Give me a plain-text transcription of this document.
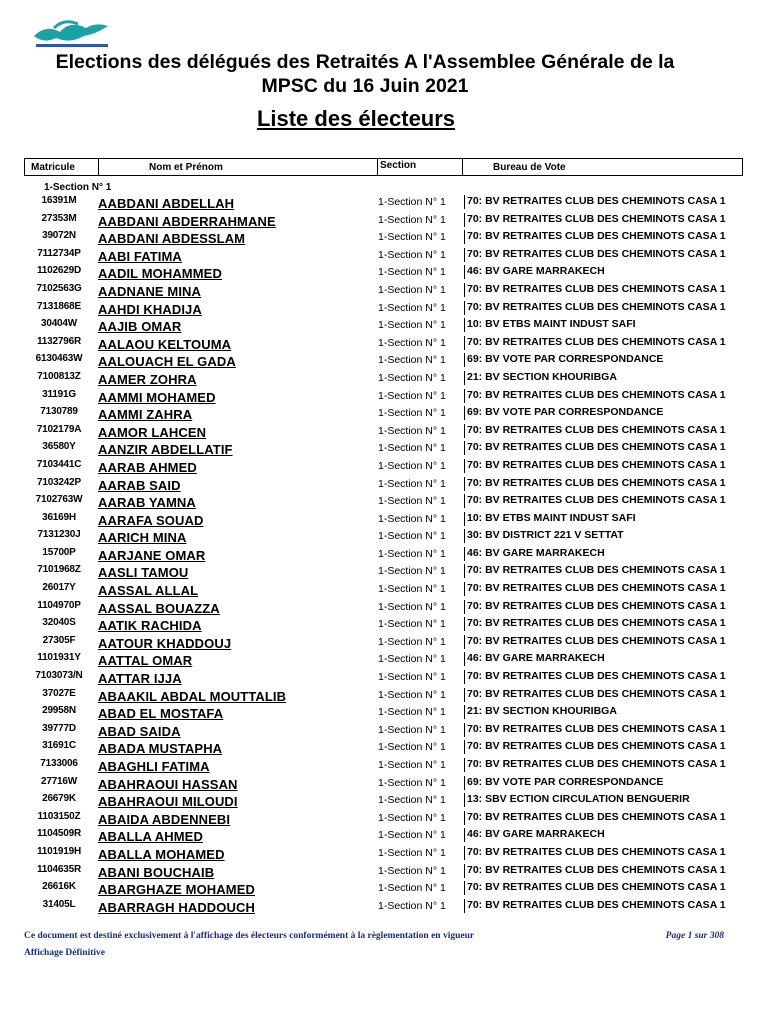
Elections des délégués des Retraités A l'Assemblee Générale de la
MPSC du 16 Juin 2021
Liste des électeurs
Matricule	Nom et Prénom	Section	Bureau de Vote
1-Section N° 1
16391M	AABDANI ABDELLAH	1-Section N° 1 70: BV RETRAITES CLUB DES CHEMINOTS CASA 1
27353M	AABDANI ABDERRAHMANE	1-Section N° 1 70: BV RETRAITES CLUB DES CHEMINOTS CASA 1
39072N	AABDANI ABDESSLAM	1-Section N° 1 70: BV RETRAITES CLUB DES CHEMINOTS CASA 1
7112734P	AABI FATIMA	1-Section N° 1 70: BV RETRAITES CLUB DES CHEMINOTS CASA 1
1102629D	AADIL MOHAMMED	1-Section N° 1 46: BV GARE MARRAKECH
7102563G	AADNANE MINA	1-Section N° 1 70: BV RETRAITES CLUB DES CHEMINOTS CASA 1
7131868E	AAHDI KHADIJA	1-Section N° 1 70: BV RETRAITES CLUB DES CHEMINOTS CASA 1
30404W	AAJIB OMAR	1-Section N° 1 10: BV ETBS MAINT INDUST SAFI
1132796R	AALAOU KELTOUMA	1-Section N° 1 70: BV RETRAITES CLUB DES CHEMINOTS CASA 1
6130463W	AALOUACH EL GADA	1-Section N° 1 69: BV VOTE PAR CORRESPONDANCE
7100813Z	AAMER ZOHRA	1-Section N° 1 21: BV SECTION KHOURIBGA
31191G	AAMMI MOHAMED	1-Section N° 1 70: BV RETRAITES CLUB DES CHEMINOTS CASA 1
7130789	AAMMI ZAHRA	1-Section N° 1 69: BV VOTE PAR CORRESPONDANCE
7102179A	AAMOR LAHCEN	1-Section N° 1 70: BV RETRAITES CLUB DES CHEMINOTS CASA 1
36580Y	AANZIR ABDELLATIF	1-Section N° 1 70: BV RETRAITES CLUB DES CHEMINOTS CASA 1
7103441C	AARAB AHMED	1-Section N° 1 70: BV RETRAITES CLUB DES CHEMINOTS CASA 1
7103242P	AARAB SAID	1-Section N° 1 70: BV RETRAITES CLUB DES CHEMINOTS CASA 1
7102763W	AARAB YAMNA	1-Section N° 1 70: BV RETRAITES CLUB DES CHEMINOTS CASA 1
36169H	AARAFA SOUAD	1-Section N° 1 10: BV ETBS MAINT INDUST SAFI
7131230J	AARICH MINA	1-Section N° 1 30: BV DISTRICT 221 V SETTAT
15700P	AARJANE OMAR	1-Section N° 1 46: BV GARE MARRAKECH
7101968Z	AASLI TAMOU	1-Section N° 1 70: BV RETRAITES CLUB DES CHEMINOTS CASA 1
26017Y	AASSAL ALLAL	1-Section N° 1 70: BV RETRAITES CLUB DES CHEMINOTS CASA 1
1104970P	AASSAL BOUAZZA	1-Section N° 1 70: BV RETRAITES CLUB DES CHEMINOTS CASA 1
32040S	AATIK RACHIDA	1-Section N° 1 70: BV RETRAITES CLUB DES CHEMINOTS CASA 1
27305F	AATOUR KHADDOUJ	1-Section N° 1 70: BV RETRAITES CLUB DES CHEMINOTS CASA 1
1101931Y	AATTAL OMAR	1-Section N° 1 46: BV GARE MARRAKECH
7103073/N	AATTAR IJJA	1-Section N° 1 70: BV RETRAITES CLUB DES CHEMINOTS CASA 1
37027E	ABAAKIL ABDAL MOUTTALIB	1-Section N° 1 70: BV RETRAITES CLUB DES CHEMINOTS CASA 1
29958N	ABAD EL MOSTAFA	1-Section N° 1 21: BV SECTION KHOURIBGA
39777D	ABAD SAIDA	1-Section N° 1 70: BV RETRAITES CLUB DES CHEMINOTS CASA 1
31691C	ABADA MUSTAPHA	1-Section N° 1 70: BV RETRAITES CLUB DES CHEMINOTS CASA 1
7133006	ABAGHLI FATIMA	1-Section N° 1 70: BV RETRAITES CLUB DES CHEMINOTS CASA 1
27716W	ABAHRAOUI HASSAN	1-Section N° 1 69: BV VOTE PAR CORRESPONDANCE
26679K	ABAHRAOUI MILOUDI	1-Section N° 1 13: SBV ECTION CIRCULATION BENGUERIR
1103150Z	ABAIDA ABDENNEBI	1-Section N° 1 70: BV RETRAITES CLUB DES CHEMINOTS CASA 1
1104509R	ABALLA AHMED	1-Section N° 1 46: BV GARE MARRAKECH
1101919H	ABALLA MOHAMED	1-Section N° 1 70: BV RETRAITES CLUB DES CHEMINOTS CASA 1
1104635R	ABANI BOUCHAIB	1-Section N° 1 70: BV RETRAITES CLUB DES CHEMINOTS CASA 1
26616K	ABARGHAZE MOHAMED	1-Section N° 1 70: BV RETRAITES CLUB DES CHEMINOTS CASA 1
31405L	ABARRAGH HADDOUCH	1-Section N° 1 70: BV RETRAITES CLUB DES CHEMINOTS CASA 1
Ce document est destiné exclusivement à l'affichage des électeurs conformément à la règlementation en vigueur	Page 1 sur 308
Affichage Définitive
